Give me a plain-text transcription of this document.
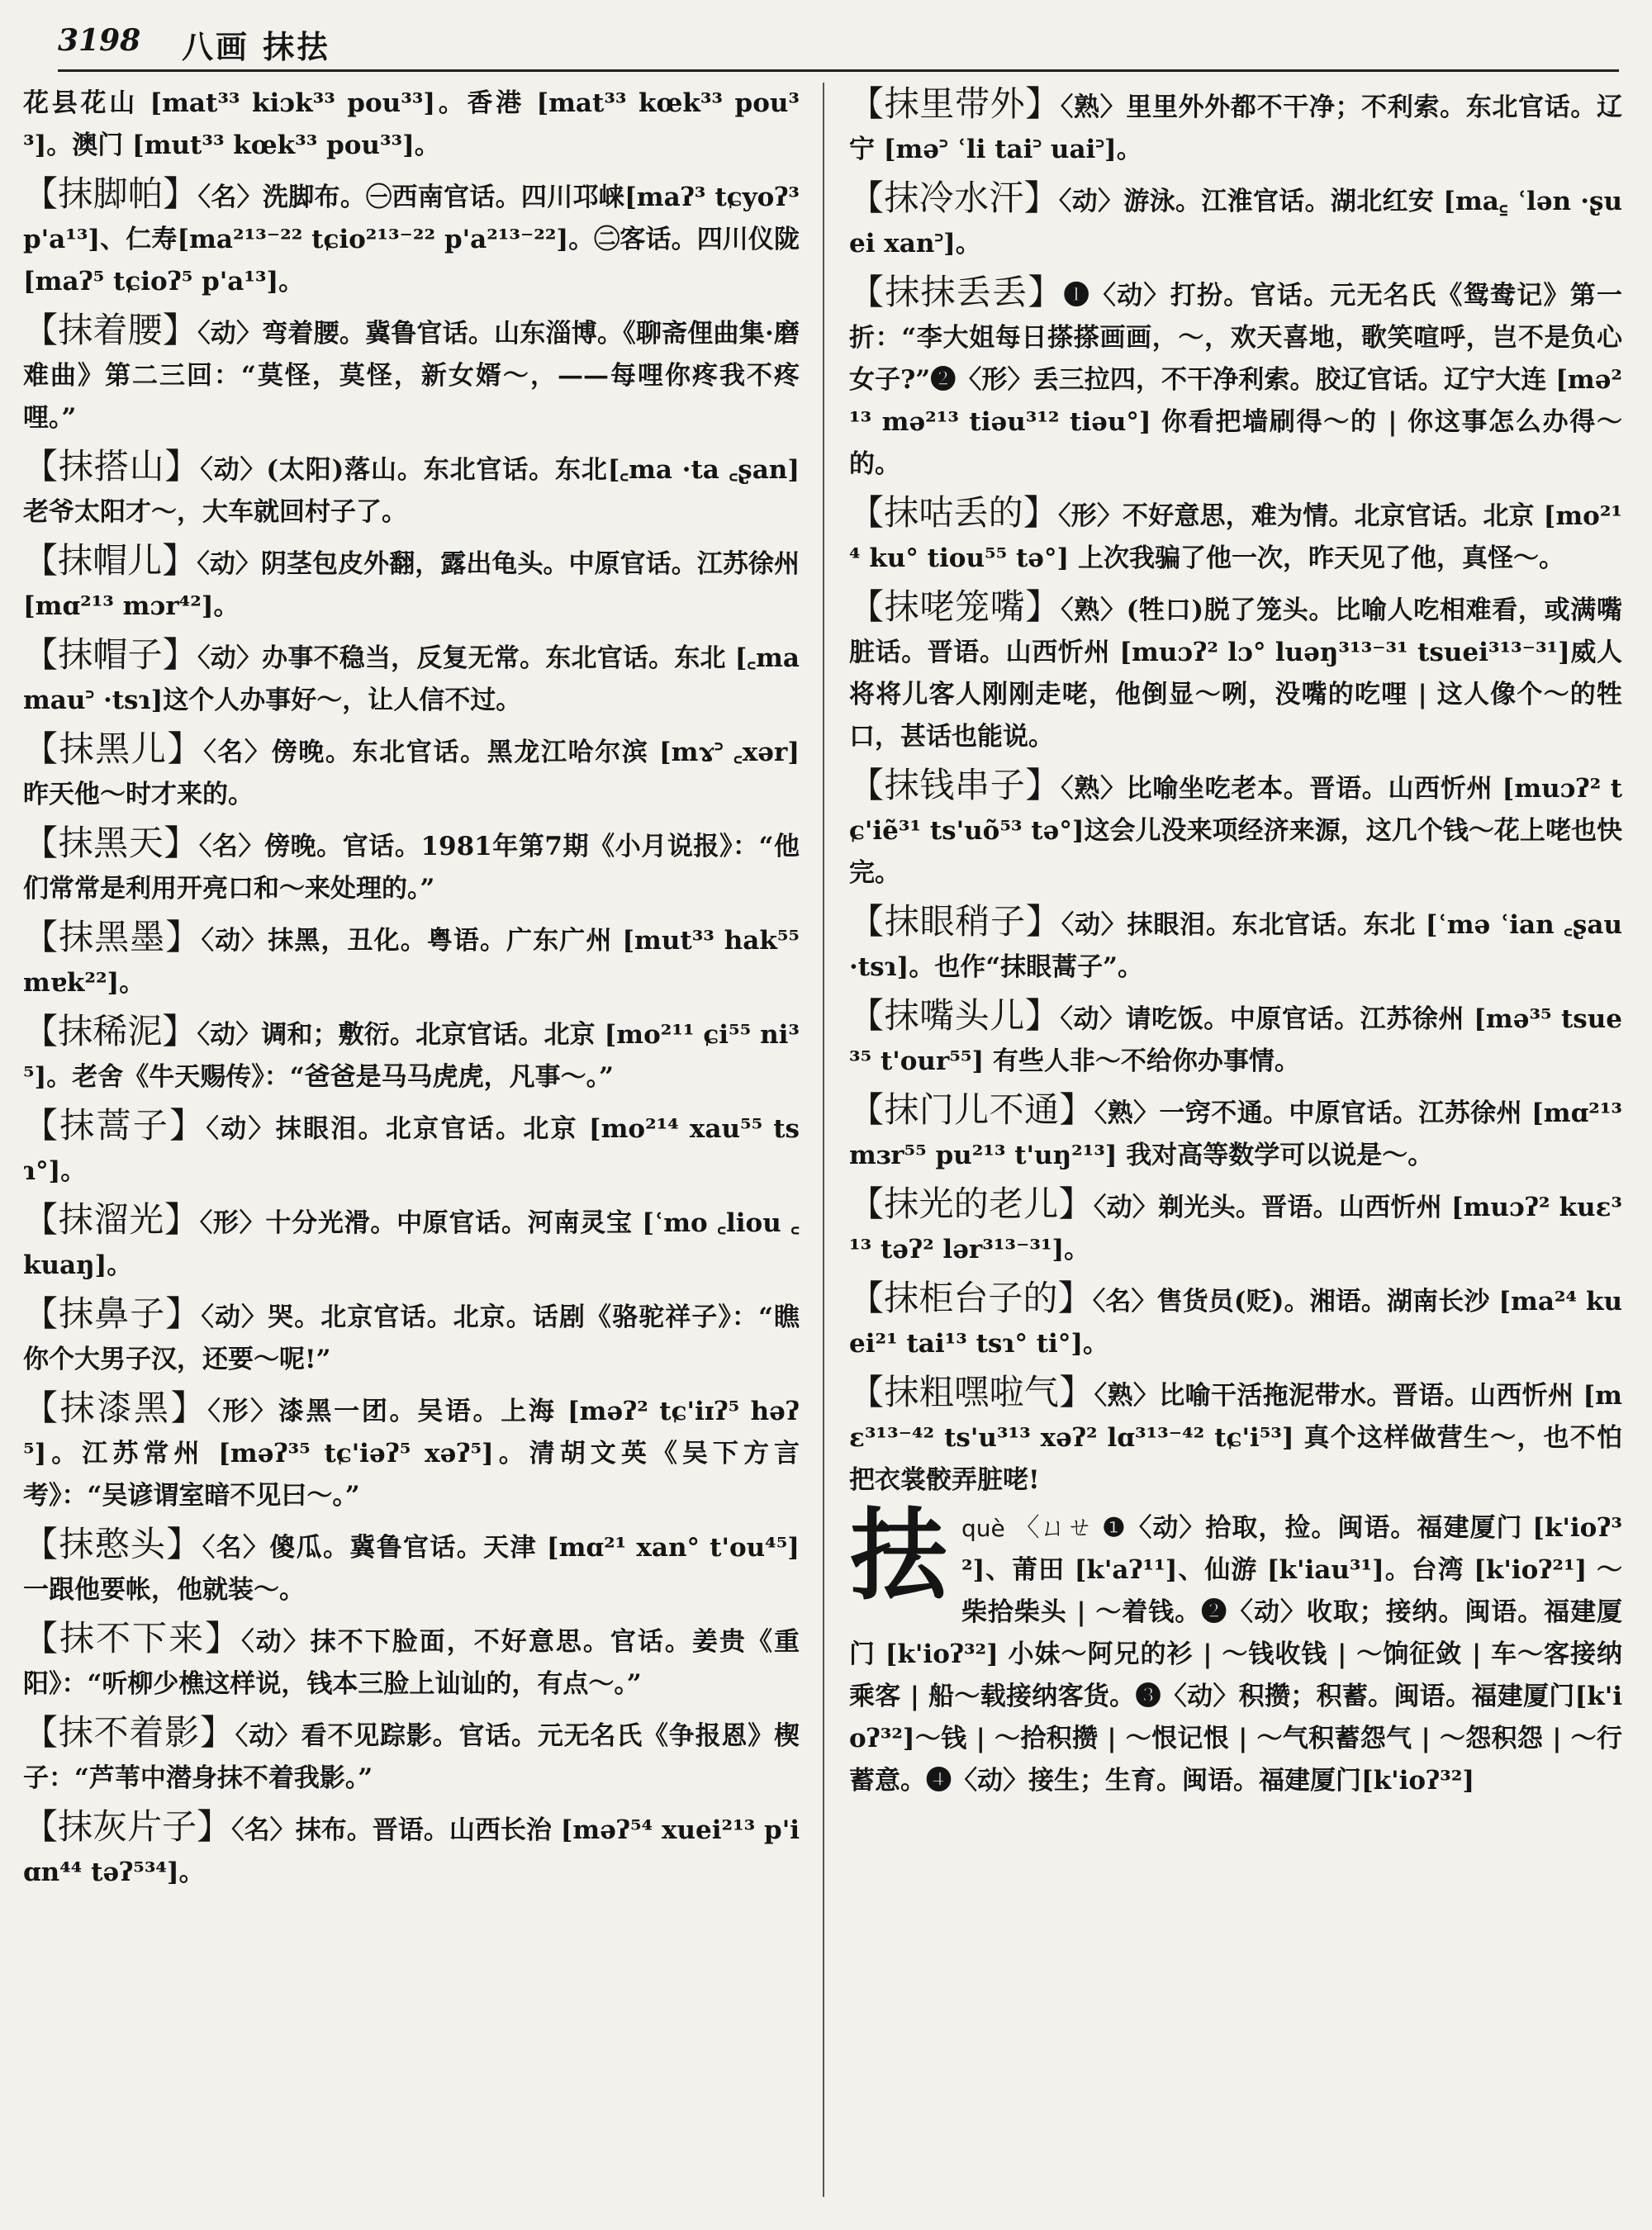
3198 八画 抹抾
花县花山 [mat³³ kiɔk³³ pou³³]。香港 [mat³³ kœk³³ pou³³]。澳门 [mut³³ kœk³³ pou³³]。
【抹脚帕】〈名〉洗脚布。㊀西南官话。四川邛崃[maʔ³ tɕyoʔ³ p'a¹³]、仁寿[ma²¹³⁻²² tɕio²¹³⁻²² p'a²¹³⁻²²]。㊁客话。四川仪陇 [maʔ⁵ tɕioʔ⁵ p'a¹³]。
【抹着腰】〈动〉弯着腰。冀鲁官话。山东淄博。《聊斋俚曲集·磨难曲》第二三回：“莫怪，莫怪，新女婿～，——每哩你疼我不疼哩。”
【抹搭山】〈动〉(太阳)落山。东北官话。东北[꜀ma ·ta ꜀ʂan]老爷太阳才～，大车就回村子了。
【抹帽儿】〈动〉阴茎包皮外翻，露出龟头。中原官话。江苏徐州 [mɑ²¹³ mɔr⁴²]。
【抹帽子】〈动〉办事不稳当，反复无常。东北官话。东北 [꜀ma mau꜄ ·tsɿ]这个人办事好～，让人信不过。
【抹黑儿】〈名〉傍晚。东北官话。黑龙江哈尔滨 [mɤ꜄ ꜀xər] 昨天他～时才来的。
【抹黑天】〈名〉傍晚。官话。1981年第7期《小月说报》：“他们常常是利用开亮口和～来处理的。”
【抹黑墨】〈动〉抹黑，丑化。粤语。广东广州 [mut³³ hak⁵⁵ mɐk²²]。
【抹稀泥】〈动〉调和；敷衍。北京官话。北京 [mo²¹¹ ɕi⁵⁵ ni³⁵]。老舍《牛天赐传》：“爸爸是马马虎虎，凡事～。”
【抹蒿子】〈动〉抹眼泪。北京官话。北京 [mo²¹⁴ xau⁵⁵ tsɿ°]。
【抹溜光】〈形〉十分光滑。中原官话。河南灵宝 [ʿmo ꜀liou ꜀kuaŋ]。
【抹鼻子】〈动〉哭。北京官话。北京。话剧《骆驼祥子》：“瞧你个大男子汉，还要～呢!”
【抹漆黑】〈形〉漆黑一团。吴语。上海 [məʔ² tɕ'iɪʔ⁵ həʔ⁵]。江苏常州 [məʔ³⁵ tɕ'iəʔ⁵ xəʔ⁵]。清胡文英《吴下方言考》：“吴谚谓室暗不见曰～。”
【抹憨头】〈名〉傻瓜。冀鲁官话。天津 [mɑ²¹ xan° t'ou⁴⁵] 一跟他要帐，他就装～。
【抹不下来】〈动〉抹不下脸面，不好意思。官话。姜贵《重阳》：“听柳少樵这样说，钱本三脸上讪讪的，有点～。”
【抹不着影】〈动〉看不见踪影。官话。元无名氏《争报恩》楔子：“芦苇中潜身抹不着我影。”
【抹灰片子】〈名〉抹布。晋语。山西长治 [məʔ⁵⁴ xuei²¹³ p'iɑn⁴⁴ təʔ⁵³⁴]。
【抹里带外】〈熟〉里里外外都不干净；不利索。东北官话。辽宁 [mə꜄ ʿli tai꜄ uai꜄]。
【抹冷水汗】〈动〉游泳。江淮官话。湖北红安 [ma꜁ ʿlən ·ʂuei xan꜄]。
【抹抹丢丢】❶〈动〉打扮。官话。元无名氏《鸳鸯记》第一折：“李大姐每日搽搽画画，～，欢天喜地，歌笑喧呼，岂不是负心女子?”❷〈形〉丢三拉四，不干净利索。胶辽官话。辽宁大连 [mə²¹³ mə²¹³ tiəu³¹² tiəu°] 你看把墙刷得～的 | 你这事怎么办得～的。
【抹咕丢的】〈形〉不好意思，难为情。北京官话。北京 [mo²¹⁴ ku° tiou⁵⁵ tə°] 上次我骗了他一次，昨天见了他，真怪～。
【抹咾笼嘴】〈熟〉(牲口)脱了笼头。比喻人吃相难看，或满嘴脏话。晋语。山西忻州 [muɔʔ² lɔ° luəŋ³¹³⁻³¹ tsuei³¹³⁻³¹]威人将将儿客人刚刚走咾，他倒显～咧，没嘴的吃哩 | 这人像个～的牲口，甚话也能说。
【抹钱串子】〈熟〉比喻坐吃老本。晋语。山西忻州 [muɔʔ² tɕ'iẽ³¹ ts'uõ⁵³ tə°]这会儿没来项经济来源，这几个钱～花上咾也快完。
【抹眼稍子】〈动〉抹眼泪。东北官话。东北 [ʿmə ʿian ꜀ʂau ·tsɿ]。也作“抹眼蒿子”。
【抹嘴头儿】〈动〉请吃饭。中原官话。江苏徐州 [mə³⁵ tsue³⁵ t'our⁵⁵] 有些人非～不给你办事情。
【抹门儿不通】〈熟〉一窍不通。中原官话。江苏徐州 [mɑ²¹³ mɜr⁵⁵ pu²¹³ t'uŋ²¹³] 我对高等数学可以说是～。
【抹光的老儿】〈动〉剃光头。晋语。山西忻州 [muɔʔ² kuɛ³¹³ təʔ² lər³¹³⁻³¹]。
【抹柜台子的】〈名〉售货员(贬)。湘语。湖南长沙 [ma²⁴ kuei²¹ tai¹³ tsɿ° ti°]。
【抹粗嘿啦气】〈熟〉比喻干活拖泥带水。晋语。山西忻州 [mɛ³¹³⁻⁴² ts'u³¹³ xəʔ² lɑ³¹³⁻⁴² tɕ'i⁵³] 真个这样做营生～，也不怕把衣裳骹弄脏咾!
抾 què 〈ㄩㄝ ❶〈动〉拾取，捡。闽语。福建厦门 [k'ioʔ³²]、莆田 [k'aʔ¹¹]、仙游 [k'iau³¹]。台湾 [k'ioʔ²¹] ～柴拾柴头 | ～着钱。❷〈动〉收取；接纳。闽语。福建厦门 [k'ioʔ³²] 小妹～阿兄的衫 | ～钱收钱 | ～饷征敛 | 车～客接纳乘客 | 船～载接纳客货。❸〈动〉积攒；积蓄。闽语。福建厦门[k'ioʔ³²]～钱 | ～拾积攒 | ～恨记恨 | ～气积蓄怨气 | ～怨积怨 | ～行蓄意。❹〈动〉接生；生育。闽语。福建厦门[k'ioʔ³²]
